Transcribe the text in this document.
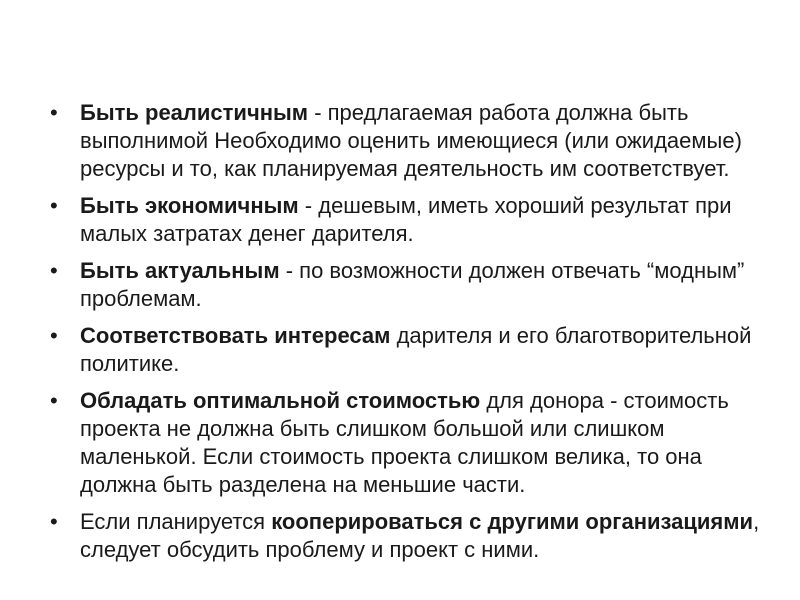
•	Быть реалистичным - предлагаемая работа должна быть выполнимой Необходимо оценить имеющиеся (или ожидаемые) ресурсы и то, как планируемая деятельность им соответствует.
•	Быть экономичным - дешевым, иметь хороший результат при малых затратах денег дарителя.
•	Быть актуальным - по возможности должен отвечать “модным” проблемам.
•	Соответствовать интересам дарителя и его благотворительной политике.
•	Обладать оптимальной стоимостью для донора - стоимость проекта не должна быть слишком большой или слишком маленькой. Если стоимость проекта слишком велика, то она должна быть разделена на меньшие части.
•	Если планируется кооперироваться с другими организациями, следует обсудить проблему и проект с ними.
